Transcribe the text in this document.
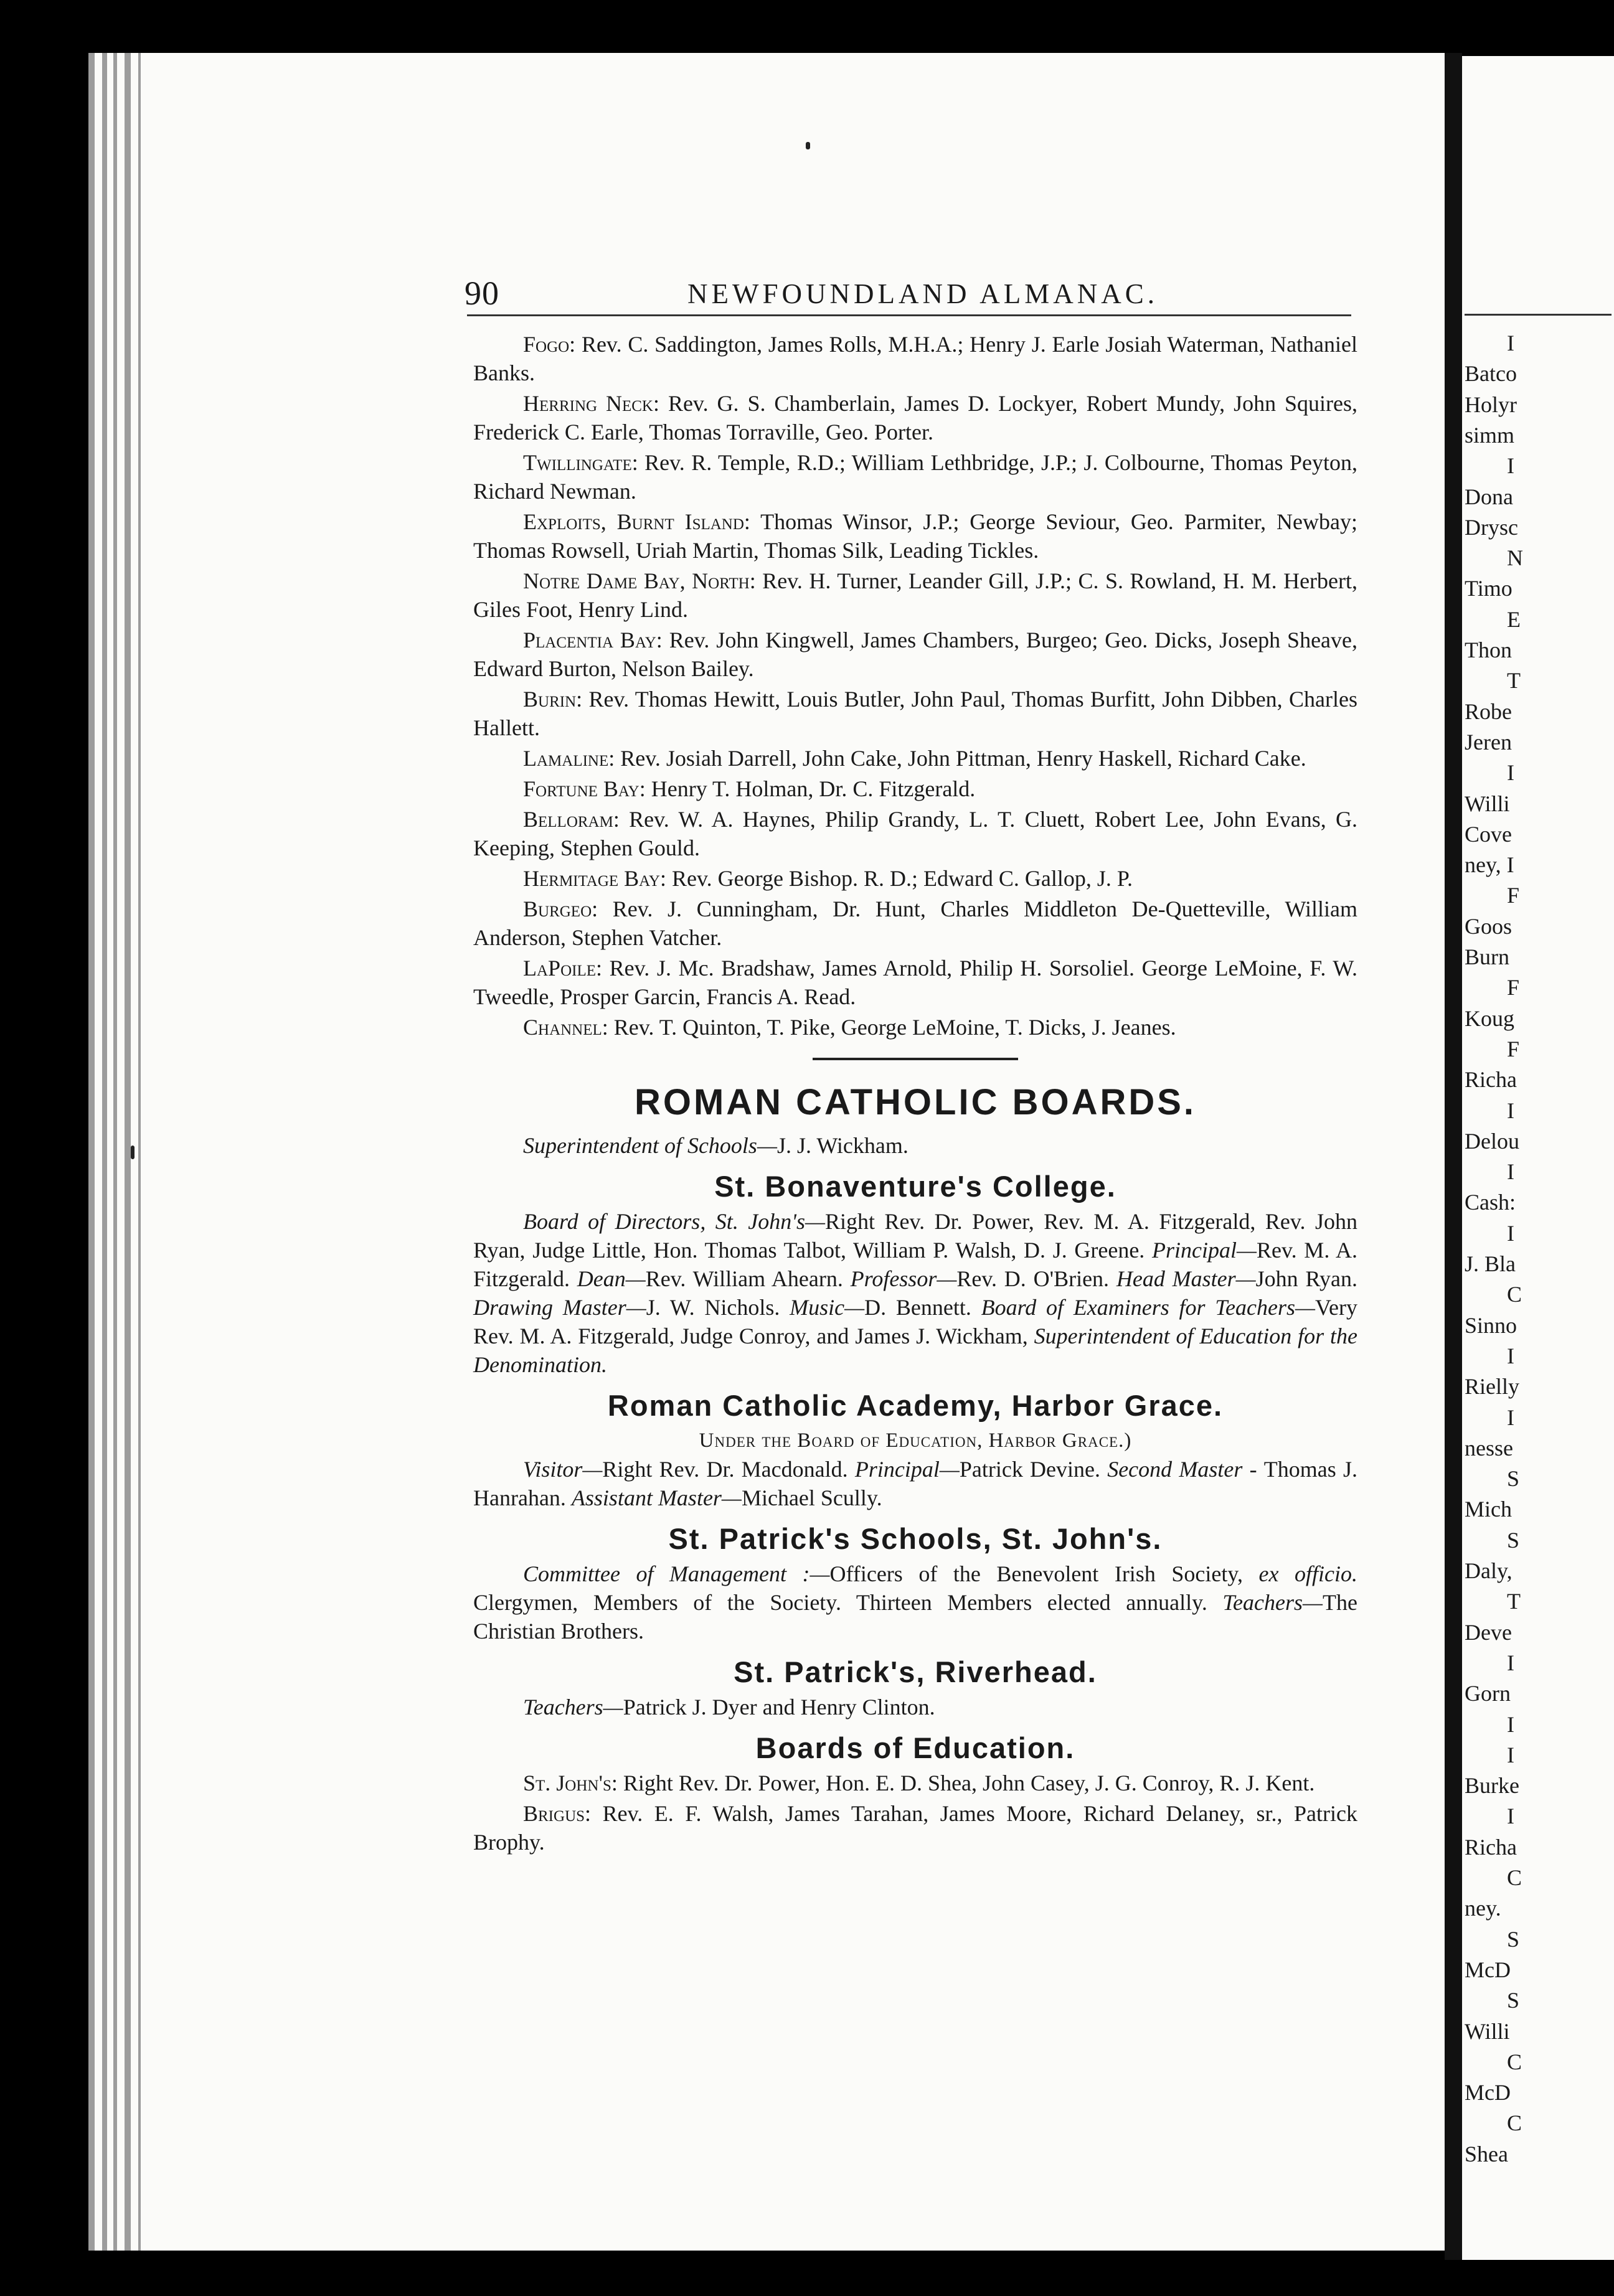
90	NEWFOUNDLAND ALMANAC.

Fogo: Rev. C. Saddington, James Rolls, M.H.A.; Henry J. Earle Josiah Waterman, Nathaniel Banks.

Herring Neck: Rev. G. S. Chamberlain, James D. Lockyer, Robert Mundy, John Squires, Frederick C. Earle, Thomas Torraville, Geo. Porter.

Twillingate: Rev. R. Temple, R.D.; William Lethbridge, J.P.; J. Colbourne, Thomas Peyton, Richard Newman.

Exploits, Burnt Island: Thomas Winsor, J.P.; George Seviour, Geo. Parmiter, Newbay; Thomas Rowsell, Uriah Martin, Thomas Silk, Leading Tickles.

Notre Dame Bay, North: Rev. H. Turner, Leander Gill, J.P.; C. S. Rowland, H. M. Herbert, Giles Foot, Henry Lind.

Placentia Bay: Rev. John Kingwell, James Chambers, Burgeo; Geo. Dicks, Joseph Sheave, Edward Burton, Nelson Bailey.

Burin: Rev. Thomas Hewitt, Louis Butler, John Paul, Thomas Burfitt, John Dibben, Charles Hallett.

Lamaline: Rev. Josiah Darrell, John Cake, John Pittman, Henry Haskell, Richard Cake.

Fortune Bay: Henry T. Holman, Dr. C. Fitzgerald.

Belloram: Rev. W. A. Haynes, Philip Grandy, L. T. Cluett, Robert Lee, John Evans, G. Keeping, Stephen Gould.

Hermitage Bay: Rev. George Bishop. R. D.; Edward C. Gallop, J. P.

Burgeo: Rev. J. Cunningham, Dr. Hunt, Charles Middleton De-Quetteville, William Anderson, Stephen Vatcher.

LaPoile: Rev. J. Mc. Bradshaw, James Arnold, Philip H. Sorsoliel. George LeMoine, F. W. Tweedle, Prosper Garcin, Francis A. Read.

Channel: Rev. T. Quinton, T. Pike, George LeMoine, T. Dicks, J. Jeanes.

ROMAN CATHOLIC BOARDS.

Superintendent of Schools—J. J. Wickham.

St. Bonaventure's College.

Board of Directors, St. John's—Right Rev. Dr. Power, Rev. M. A. Fitzgerald, Rev. John Ryan, Judge Little, Hon. Thomas Talbot, William P. Walsh, D. J. Greene. Principal—Rev. M. A. Fitzgerald. Dean—Rev. William Ahearn. Professor—Rev. D. O'Brien. Head Master—John Ryan. Drawing Master—J. W. Nichols. Music—D. Bennett. Board of Examiners for Teachers—Very Rev. M. A. Fitzgerald, Judge Conroy, and James J. Wickham, Superintendent of Education for the Denomination.

Roman Catholic Academy, Harbor Grace.

Under the Board of Education, Harbor Grace.)

Visitor—Right Rev. Dr. Macdonald. Principal—Patrick Devine. Second Master - Thomas J. Hanrahan. Assistant Master—Michael Scully.

St. Patrick's Schools, St. John's.

Committee of Management :—Officers of the Benevolent Irish Society, ex officio. Clergymen, Members of the Society. Thirteen Members elected annually. Teachers—The Christian Brothers.

St. Patrick's, Riverhead.

Teachers—Patrick J. Dyer and Henry Clinton.

Boards of Education.

St. John's: Right Rev. Dr. Power, Hon. E. D. Shea, John Casey, J. G. Conroy, R. J. Kent.

Brigus: Rev. E. F. Walsh, James Tarahan, James Moore, Richard Delaney, sr., Patrick Brophy.

I
Batco
Holyr
simm
I
Dona
Drysc
N
Timo
E
Thon
T
Robe
Jeren
I
Willi
Cove
ney, I
F
Goos
Burn
F
Koug
F
Richa
I
Delou
I
Cash:
I
J. Bla
C
Sinno
I
Rielly
I
nesse
S
Mich
S
Daly,
T
Deve
I
Gorn
I
I
Burke
I
Richa
C
ney.
S
McD
S
Willi
C
McD
C
Shea
